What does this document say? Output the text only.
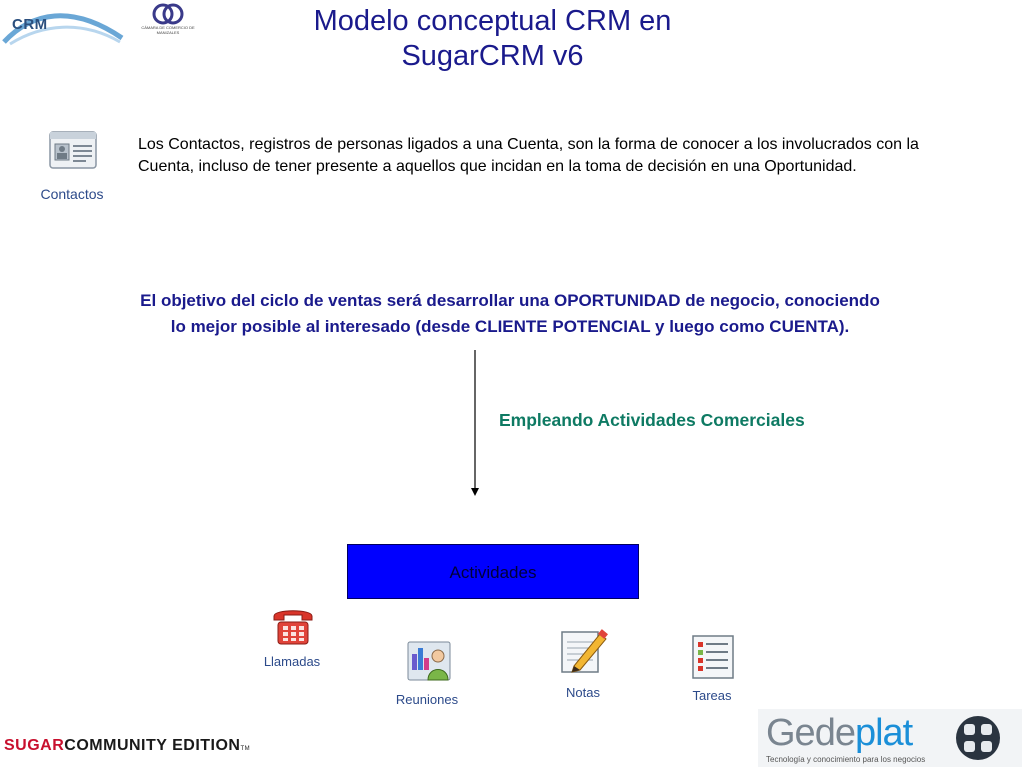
CRM	CÁMARA DE COMERCIO DE MANIZALES	Modelo conceptual CRM en
SugarCRM v6
Contactos
Los Contactos, registros de personas ligados a una Cuenta, son la forma de conocer a los involucrados con la Cuenta, incluso de tener presente a aquellos que incidan en la toma de decisión en una Oportunidad.
El objetivo del ciclo de ventas será desarrollar una OPORTUNIDAD de negocio, conociendo
lo mejor posible al interesado (desde CLIENTE POTENCIAL y luego como CUENTA).
Empleando Actividades Comerciales
Actividades
Llamadas
Reuniones	Notas	Tareas
SUGARCOMMUNITY EDITIONTM	Gedeplat
Tecnología y conocimiento para los negocios
